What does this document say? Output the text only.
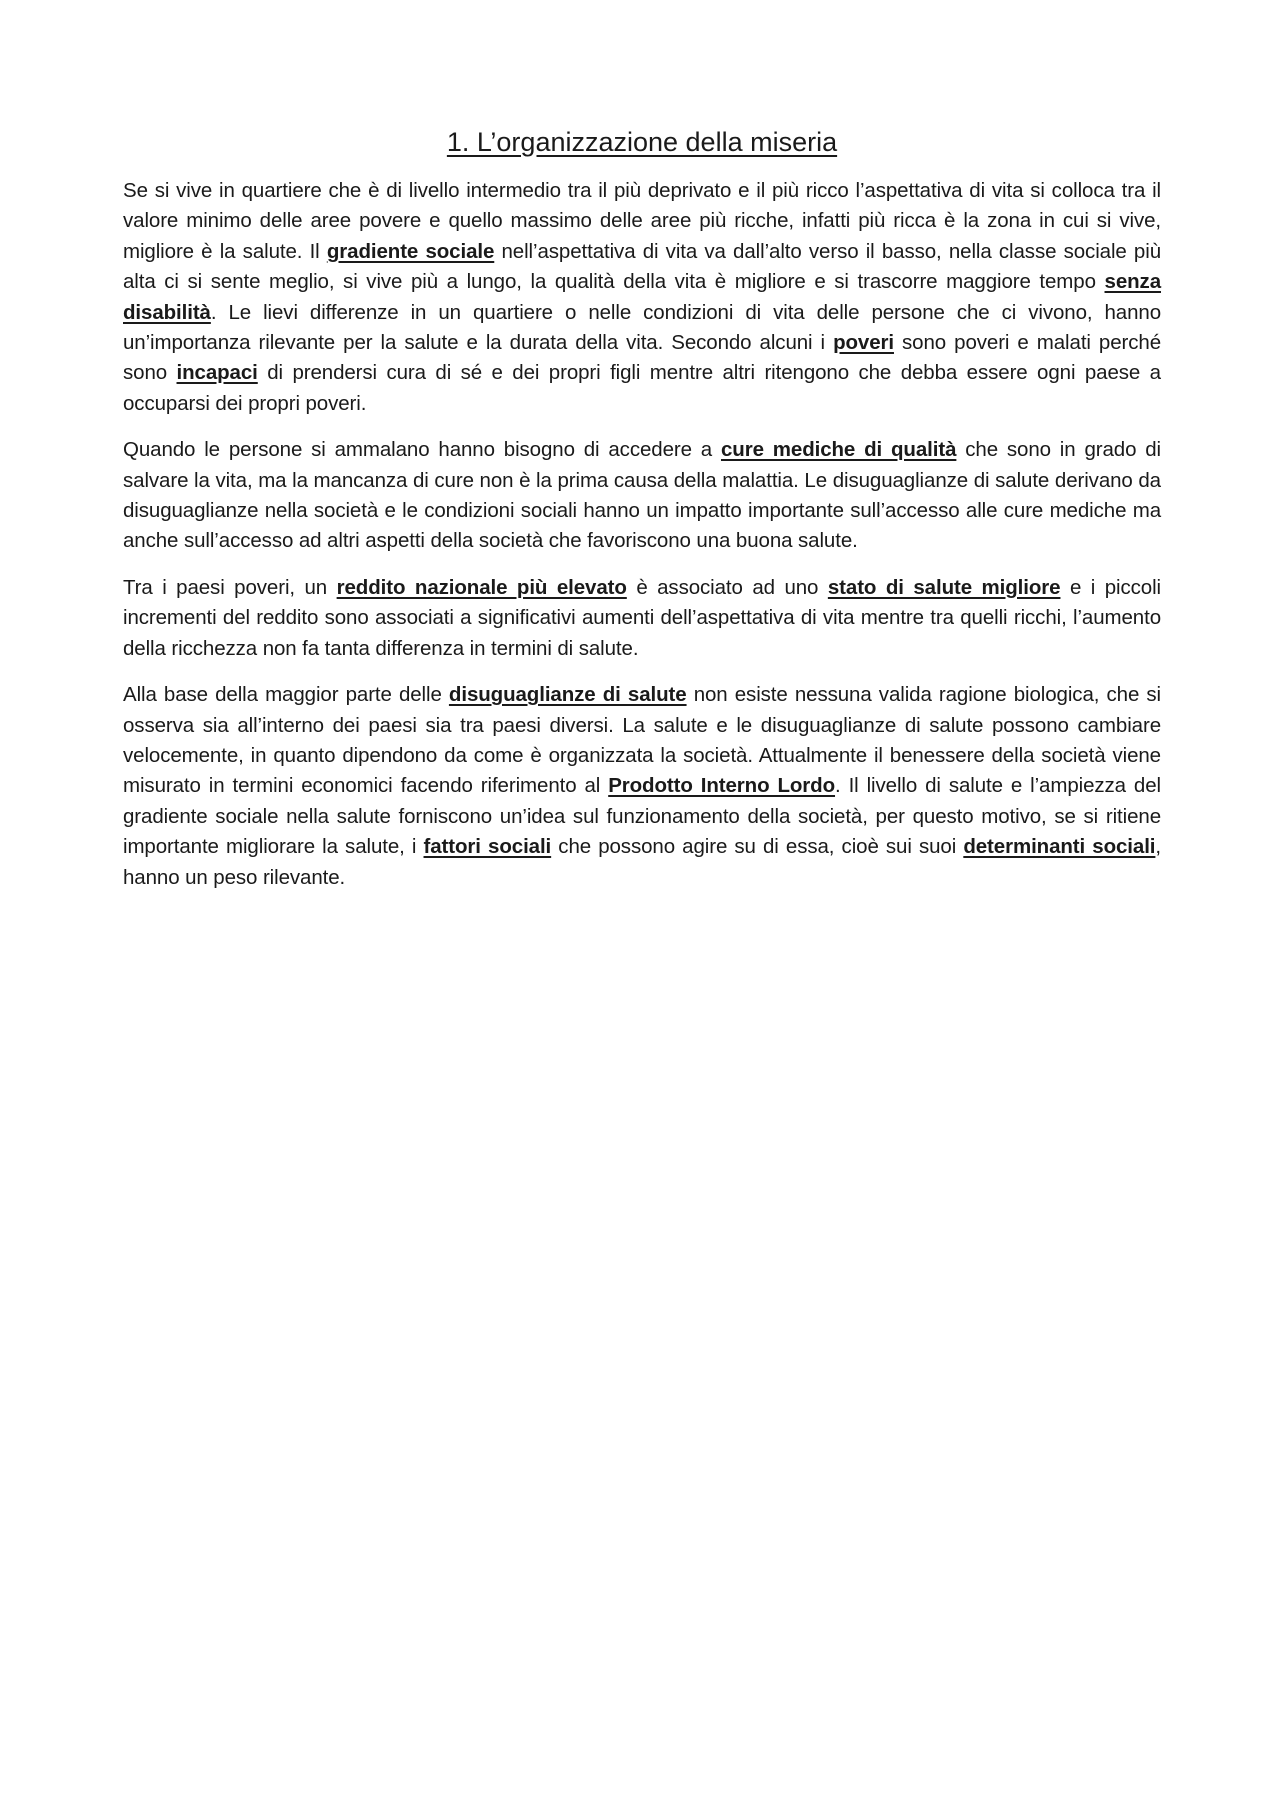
1. L’organizzazione della miseria

Se si vive in quartiere che è di livello intermedio tra il più deprivato e il più ricco l’aspettativa di vita si colloca tra il valore minimo delle aree povere e quello massimo delle aree più ricche, infatti più ricca è la zona in cui si vive, migliore è la salute. Il gradiente sociale nell’aspettativa di vita va dall’alto verso il basso, nella classe sociale più alta ci si sente meglio, si vive più a lungo, la qualità della vita è migliore e si trascorre maggiore tempo senza disabilità. Le lievi differenze in un quartiere o nelle condizioni di vita delle persone che ci vivono, hanno un’importanza rilevante per la salute e la durata della vita. Secondo alcuni i poveri sono poveri e malati perché sono incapaci di prendersi cura di sé e dei propri figli mentre altri ritengono che debba essere ogni paese a occuparsi dei propri poveri.

Quando le persone si ammalano hanno bisogno di accedere a cure mediche di qualità che sono in grado di salvare la vita, ma la mancanza di cure non è la prima causa della malattia. Le disuguaglianze di salute derivano da disuguaglianze nella società e le condizioni sociali hanno un impatto importante sull’accesso alle cure mediche ma anche sull’accesso ad altri aspetti della società che favoriscono una buona salute.

Tra i paesi poveri, un reddito nazionale più elevato è associato ad uno stato di salute migliore e i piccoli incrementi del reddito sono associati a significativi aumenti dell’aspettativa di vita mentre tra quelli ricchi, l’aumento della ricchezza non fa tanta differenza in termini di salute.

Alla base della maggior parte delle disuguaglianze di salute non esiste nessuna valida ragione biologica, che si osserva sia all’interno dei paesi sia tra paesi diversi. La salute e le disuguaglianze di salute possono cambiare velocemente, in quanto dipendono da come è organizzata la società. Attualmente il benessere della società viene misurato in termini economici facendo riferimento al Prodotto Interno Lordo. Il livello di salute e l’ampiezza del gradiente sociale nella salute forniscono un’idea sul funzionamento della società, per questo motivo, se si ritiene importante migliorare la salute, i fattori sociali che possono agire su di essa, cioè sui suoi determinanti sociali, hanno un peso rilevante.
